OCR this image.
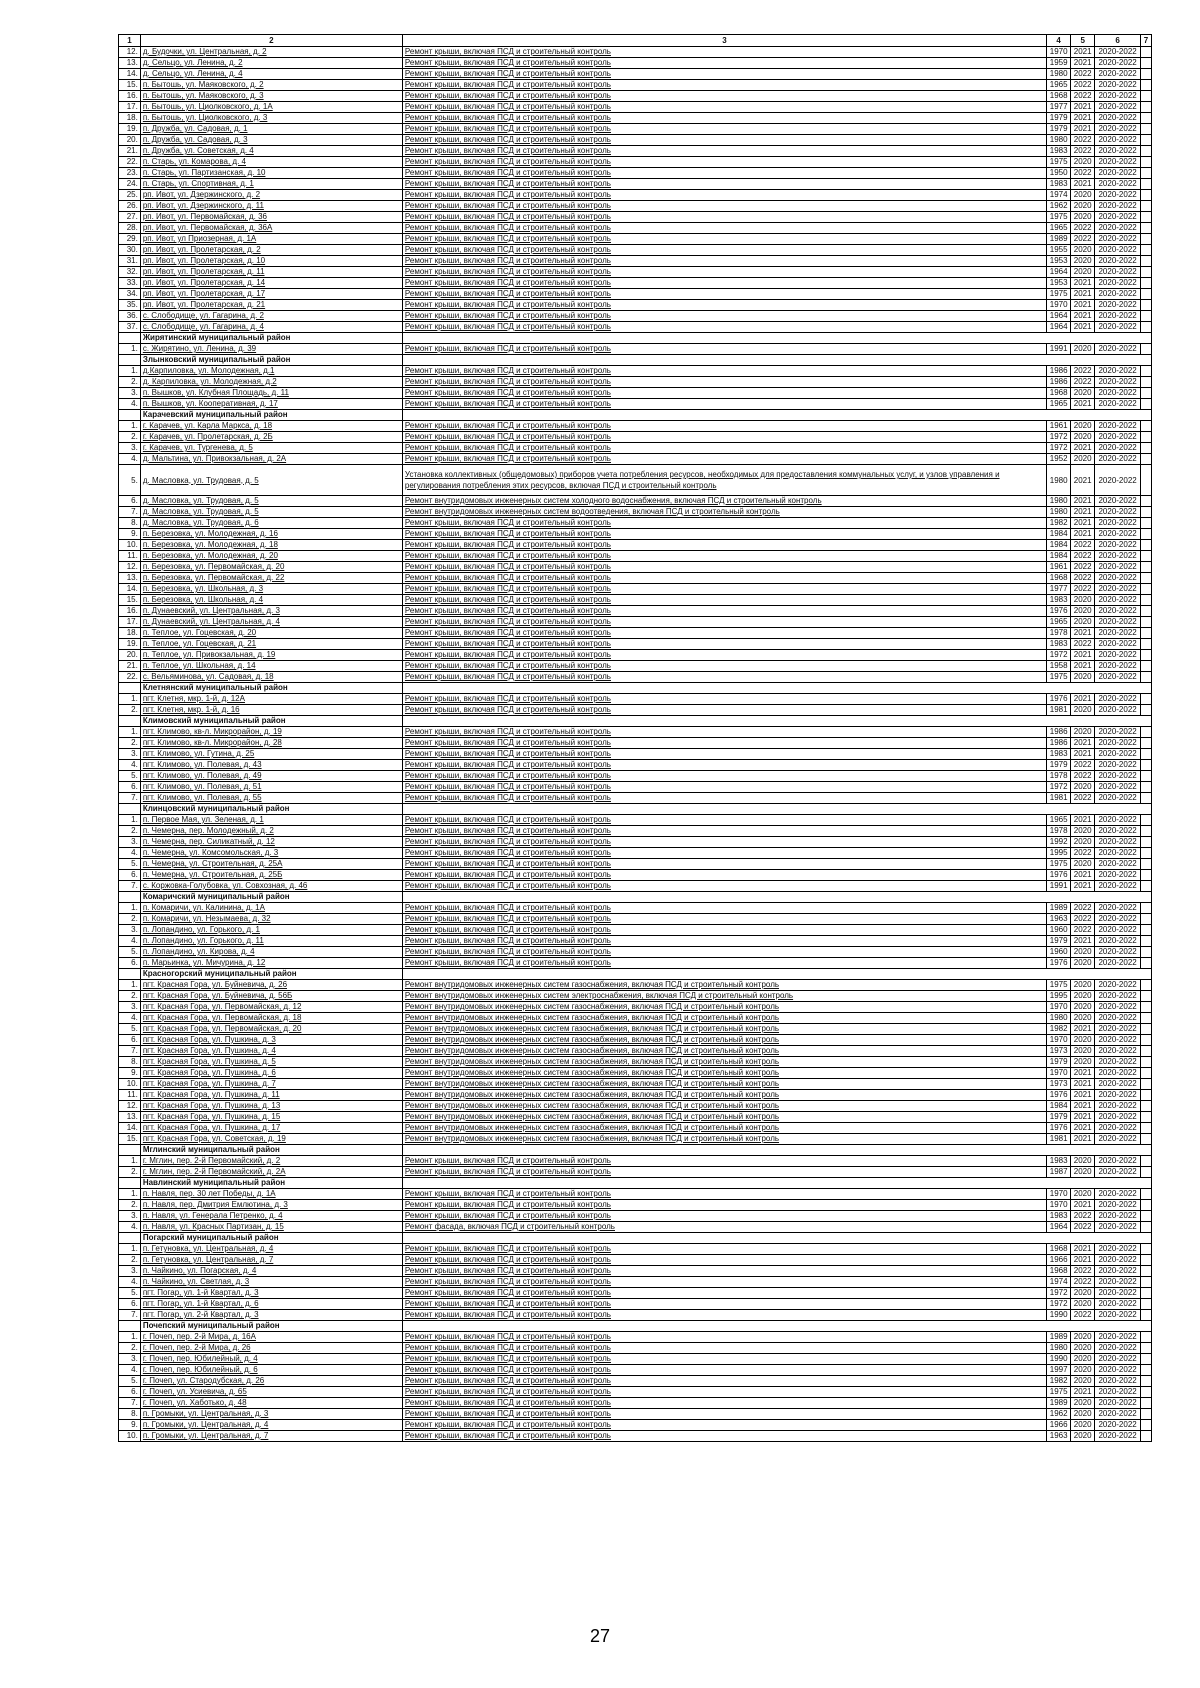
1	2	3	4	5	6	7
12.	д. Будочки, ул. Центральная, д. 2	Ремонт крыши, включая ПСД и строительный контроль	1970	2021	2020-2022	
13.	д. Сельцо, ул. Ленина, д. 2	Ремонт крыши, включая ПСД и строительный контроль	1959	2021	2020-2022	
14.	д. Сельцо, ул. Ленина, д. 4	Ремонт крыши, включая ПСД и строительный контроль	1980	2022	2020-2022	
15.	п. Бытошь, ул. Маяковского, д. 2	Ремонт крыши, включая ПСД и строительный контроль	1965	2022	2020-2022	
16.	п. Бытошь, ул. Маяковского, д. 3	Ремонт крыши, включая ПСД и строительный контроль	1968	2022	2020-2022	
17.	п. Бытошь, ул. Циолковского, д. 1А	Ремонт крыши, включая ПСД и строительный контроль	1977	2021	2020-2022	
18.	п. Бытошь, ул. Циолковского, д. 3	Ремонт крыши, включая ПСД и строительный контроль	1979	2021	2020-2022	
19.	п. Дружба, ул. Садовая, д. 1	Ремонт крыши, включая ПСД и строительный контроль	1979	2021	2020-2022	
20.	п. Дружба, ул. Садовая, д. 3	Ремонт крыши, включая ПСД и строительный контроль	1980	2022	2020-2022	
21.	п. Дружба, ул. Советская, д. 4	Ремонт крыши, включая ПСД и строительный контроль	1983	2022	2020-2022	
22.	п. Старь, ул. Комарова, д. 4	Ремонт крыши, включая ПСД и строительный контроль	1975	2020	2020-2022	
23.	п. Старь, ул. Партизанская, д. 10	Ремонт крыши, включая ПСД и строительный контроль	1950	2022	2020-2022	
24.	п. Старь, ул. Спортивная, д. 1	Ремонт крыши, включая ПСД и строительный контроль	1983	2021	2020-2022	
25.	рп. Ивот, ул. Дзержинского, д. 2	Ремонт крыши, включая ПСД и строительный контроль	1974	2020	2020-2022	
26.	рп. Ивот, ул. Дзержинского, д. 11	Ремонт крыши, включая ПСД и строительный контроль	1962	2020	2020-2022	
27.	рп. Ивот, ул. Первомайская, д. 36	Ремонт крыши, включая ПСД и строительный контроль	1975	2020	2020-2022	
28.	рп. Ивот, ул. Первомайская, д. 36А	Ремонт крыши, включая ПСД и строительный контроль	1965	2022	2020-2022	
29.	рп. Ивот, ул Приозерная, д. 1А	Ремонт крыши, включая ПСД и строительный контроль	1989	2022	2020-2022	
30.	рп. Ивот, ул. Пролетарская, д. 2	Ремонт крыши, включая ПСД и строительный контроль	1955	2020	2020-2022	
31.	рп. Ивот, ул. Пролетарская, д. 10	Ремонт крыши, включая ПСД и строительный контроль	1953	2020	2020-2022	
32.	рп. Ивот, ул. Пролетарская, д. 11	Ремонт крыши, включая ПСД и строительный контроль	1964	2020	2020-2022	
33.	рп. Ивот, ул. Пролетарская, д. 14	Ремонт крыши, включая ПСД и строительный контроль	1953	2021	2020-2022	
34.	рп. Ивот, ул. Пролетарская, д. 17	Ремонт крыши, включая ПСД и строительный контроль	1975	2021	2020-2022	
35.	рп. Ивот, ул. Пролетарская, д. 21	Ремонт крыши, включая ПСД и строительный контроль	1970	2021	2020-2022	
36.	с. Слободище, ул. Гагарина, д. 2	Ремонт крыши, включая ПСД и строительный контроль	1964	2021	2020-2022	
37.	с. Слободище, ул. Гагарина, д. 4	Ремонт крыши, включая ПСД и строительный контроль	1964	2021	2020-2022	
	Жирятинский муниципальный район					
1.	с. Жирятино, ул. Ленина, д. 39	Ремонт крыши, включая ПСД и строительный контроль	1991	2020	2020-2022	
	Злынковский муниципальный район					
1.	д.Карпиловка, ул. Молодежная, д.1	Ремонт крыши, включая ПСД и строительный контроль	1986	2022	2020-2022	
2.	д. Карпиловка, ул. Молодежная, д.2	Ремонт крыши, включая ПСД и строительный контроль	1986	2022	2020-2022	
3.	п. Вышков, ул. Клубная Площадь, д. 11	Ремонт крыши, включая ПСД и строительный контроль	1968	2020	2020-2022	
4.	п. Вышков, ул. Кооперативная, д. 17	Ремонт крыши, включая ПСД и строительный контроль	1965	2021	2020-2022	
	Карачевский муниципальный район					
1.	г. Карачев, ул. Карла Маркса, д. 18	Ремонт крыши, включая ПСД и строительный контроль	1961	2020	2020-2022	
2.	г. Карачев, ул. Пролетарская, д. 2Б	Ремонт крыши, включая ПСД и строительный контроль	1972	2020	2020-2022	
3.	г. Карачев, ул. Тургенева, д. 5	Ремонт крыши, включая ПСД и строительный контроль	1972	2021	2020-2022	
4.	д. Мальтина, ул. Привокзальная, д. 2А	Ремонт крыши, включая ПСД и строительный контроль	1952	2020	2020-2022	
5.	д. Масловка, ул. Трудовая, д. 5	Установка коллективных (общедомовых) приборов учета потребления ресурсов, необходимых для предоставления коммунальных услуг, и узлов управления и регулирования потребления этих ресурсов, включая ПСД и строительный контроль	1980	2021	2020-2022	
6.	д. Масловка, ул. Трудовая, д. 5	Ремонт внутридомовых инженерных систем холодного водоснабжения, включая ПСД и строительный контроль	1980	2021	2020-2022	
7.	д. Масловка, ул. Трудовая, д. 5	Ремонт внутридомовых инженерных систем водоотведения, включая ПСД и строительный контроль	1980	2021	2020-2022	
8.	д. Масловка, ул. Трудовая, д. 6	Ремонт крыши, включая ПСД и строительный контроль	1982	2021	2020-2022	
9.	п. Березовка, ул. Молодежная, д. 16	Ремонт крыши, включая ПСД и строительный контроль	1984	2021	2020-2022	
10.	п. Березовка, ул. Молодежная, д. 18	Ремонт крыши, включая ПСД и строительный контроль	1984	2022	2020-2022	
11.	п. Березовка, ул. Молодежная, д. 20	Ремонт крыши, включая ПСД и строительный контроль	1984	2022	2020-2022	
12.	п. Березовка, ул. Первомайская, д. 20	Ремонт крыши, включая ПСД и строительный контроль	1961	2022	2020-2022	
13.	п. Березовка, ул. Первомайская, д. 22	Ремонт крыши, включая ПСД и строительный контроль	1968	2022	2020-2022	
14.	п. Березовка, ул. Школьная, д. 3	Ремонт крыши, включая ПСД и строительный контроль	1977	2022	2020-2022	
15.	п. Березовка, ул. Школьная, д. 4	Ремонт крыши, включая ПСД и строительный контроль	1983	2020	2020-2022	
16.	п. Дунаевский, ул. Центральная, д. 3	Ремонт крыши, включая ПСД и строительный контроль	1976	2020	2020-2022	
17.	п. Дунаевский, ул. Центральная, д. 4	Ремонт крыши, включая ПСД и строительный контроль	1965	2020	2020-2022	
18.	п. Теплое, ул. Гоцевская, д. 20	Ремонт крыши, включая ПСД и строительный контроль	1978	2021	2020-2022	
19.	п. Теплое, ул. Гоцевская, д. 21	Ремонт крыши, включая ПСД и строительный контроль	1983	2022	2020-2022	
20.	п. Теплое, ул. Привокзальная, д. 19	Ремонт крыши, включая ПСД и строительный контроль	1972	2021	2020-2022	
21.	п. Теплое, ул. Школьная, д. 14	Ремонт крыши, включая ПСД и строительный контроль	1958	2021	2020-2022	
22.	с. Вельяминова, ул. Садовая, д. 18	Ремонт крыши, включая ПСД и строительный контроль	1975	2020	2020-2022	
	Клетнянский муниципальный район					
1.	пгт. Клетня, мкр. 1-й, д. 12А	Ремонт крыши, включая ПСД и строительный контроль	1976	2021	2020-2022	
2.	пгт. Клетня, мкр. 1-й, д. 16	Ремонт крыши, включая ПСД и строительный контроль	1981	2020	2020-2022	
	Климовский муниципальный район					
1.	пгт. Климово, кв-л. Микрорайон, д. 19	Ремонт крыши, включая ПСД и строительный контроль	1986	2020	2020-2022	
2.	пгт. Климово, кв-л. Микрорайон, д. 28	Ремонт крыши, включая ПСД и строительный контроль	1986	2021	2020-2022	
3.	пгт. Климово, ул. Гутина, д. 25	Ремонт крыши, включая ПСД и строительный контроль	1983	2021	2020-2022	
4.	пгт. Климово, ул. Полевая, д. 43	Ремонт крыши, включая ПСД и строительный контроль	1979	2022	2020-2022	
5.	пгт. Климово, ул. Полевая, д. 49	Ремонт крыши, включая ПСД и строительный контроль	1978	2022	2020-2022	
6.	пгт. Климово, ул. Полевая, д. 51	Ремонт крыши, включая ПСД и строительный контроль	1972	2020	2020-2022	
7.	пгт. Климово, ул. Полевая, д. 55	Ремонт крыши, включая ПСД и строительный контроль	1981	2022	2020-2022	
	Клинцовский муниципальный район					
1.	п. Первое Мая, ул. Зеленая, д. 1	Ремонт крыши, включая ПСД и строительный контроль	1965	2021	2020-2022	
2.	п. Чемерна, пер. Молодежный, д. 2	Ремонт крыши, включая ПСД и строительный контроль	1978	2020	2020-2022	
3.	п. Чемерна, пер. Силикатный, д. 12	Ремонт крыши, включая ПСД и строительный контроль	1992	2020	2020-2022	
4.	п. Чемерна, ул. Комсомольская, д. 3	Ремонт крыши, включая ПСД и строительный контроль	1995	2022	2020-2022	
5.	п. Чемерна, ул. Строительная, д. 25А	Ремонт крыши, включая ПСД и строительный контроль	1975	2020	2020-2022	
6.	п. Чемерна, ул. Строительная, д. 25Б	Ремонт крыши, включая ПСД и строительный контроль	1976	2021	2020-2022	
7.	с. Коржовка-Голубовка, ул. Совхозная, д. 46	Ремонт крыши, включая ПСД и строительный контроль	1991	2021	2020-2022	
	Комаричский муниципальный район					
1.	п. Комаричи, ул. Калинина, д. 1А	Ремонт крыши, включая ПСД и строительный контроль	1989	2022	2020-2022	
2.	п. Комаричи, ул. Незымаева, д. 32	Ремонт крыши, включая ПСД и строительный контроль	1963	2022	2020-2022	
3.	п. Лопандино, ул. Горького, д. 1	Ремонт крыши, включая ПСД и строительный контроль	1960	2022	2020-2022	
4.	п. Лопандино, ул. Горького, д. 11	Ремонт крыши, включая ПСД и строительный контроль	1979	2021	2020-2022	
5.	п. Лопандино, ул. Кирова, д. 4	Ремонт крыши, включая ПСД и строительный контроль	1960	2020	2020-2022	
6.	п. Марьинка, ул. Мичурина, д. 12	Ремонт крыши, включая ПСД и строительный контроль	1976	2020	2020-2022	
	Красногорский муниципальный район					
1.	пгт. Красная Гора, ул. Буйневича, д. 26	Ремонт внутридомовых инженерных систем газоснабжения, включая ПСД и строительный контроль	1975	2020	2020-2022	
2.	пгт. Красная Гора, ул. Буйневича, д. 56Б	Ремонт внутридомовых инженерных систем электроснабжения, включая ПСД и строительный контроль	1995	2020	2020-2022	
3.	пгт. Красная Гора, ул. Первомайская, д. 12	Ремонт внутридомовых инженерных систем газоснабжения, включая ПСД и строительный контроль	1970	2020	2020-2022	
4.	пгт. Красная Гора, ул. Первомайская, д. 18	Ремонт внутридомовых инженерных систем газоснабжения, включая ПСД и строительный контроль	1980	2020	2020-2022	
5.	пгт. Красная Гора, ул. Первомайская, д. 20	Ремонт внутридомовых инженерных систем газоснабжения, включая ПСД и строительный контроль	1982	2021	2020-2022	
6.	пгт. Красная Гора, ул. Пушкина, д. 3	Ремонт внутридомовых инженерных систем газоснабжения, включая ПСД и строительный контроль	1970	2020	2020-2022	
7.	пгт. Красная Гора, ул. Пушкина, д. 4	Ремонт внутридомовых инженерных систем газоснабжения, включая ПСД и строительный контроль	1973	2020	2020-2022	
8.	пгт. Красная Гора, ул. Пушкина, д. 5	Ремонт внутридомовых инженерных систем газоснабжения, включая ПСД и строительный контроль	1979	2020	2020-2022	
9.	пгт. Красная Гора, ул. Пушкина, д. 6	Ремонт внутридомовых инженерных систем газоснабжения, включая ПСД и строительный контроль	1970	2021	2020-2022	
10.	пгт. Красная Гора, ул. Пушкина, д. 7	Ремонт внутридомовых инженерных систем газоснабжения, включая ПСД и строительный контроль	1973	2021	2020-2022	
11.	пгт. Красная Гора, ул. Пушкина, д. 11	Ремонт внутридомовых инженерных систем газоснабжения, включая ПСД и строительный контроль	1976	2021	2020-2022	
12.	пгт. Красная Гора, ул. Пушкина, д. 13	Ремонт внутридомовых инженерных систем газоснабжения, включая ПСД и строительный контроль	1984	2021	2020-2022	
13.	пгт. Красная Гора, ул. Пушкина, д. 15	Ремонт внутридомовых инженерных систем газоснабжения, включая ПСД и строительный контроль	1979	2021	2020-2022	
14.	пгт. Красная Гора, ул. Пушкина, д. 17	Ремонт внутридомовых инженерных систем газоснабжения, включая ПСД и строительный контроль	1976	2021	2020-2022	
15.	пгт. Красная Гора, ул. Советская, д. 19	Ремонт внутридомовых инженерных систем газоснабжения, включая ПСД и строительный контроль	1981	2021	2020-2022	
	Мглинский муниципальный район					
1.	г. Мглин, пер. 2-й Первомайский, д. 2	Ремонт крыши, включая ПСД и строительный контроль	1983	2020	2020-2022	
2.	г. Мглин, пер. 2-й Первомайский, д. 2А	Ремонт крыши, включая ПСД и строительный контроль	1987	2020	2020-2022	
	Навлинский муниципальный район					
1.	п. Навля, пер. 30 лет Победы, д. 1А	Ремонт крыши, включая ПСД и строительный контроль	1970	2020	2020-2022	
2.	п. Навля, пер. Дмитрия Емлютина, д. 3	Ремонт крыши, включая ПСД и строительный контроль	1970	2021	2020-2022	
3.	п. Навля, ул. Генерала Петренко, д. 4	Ремонт крыши, включая ПСД и строительный контроль	1983	2022	2020-2022	
4.	п. Навля, ул. Красных Партизан, д. 15	Ремонт фасада, включая ПСД и строительный контроль	1964	2022	2020-2022	
	Погарский муниципальный район					
1.	п. Гетуновка, ул. Центральная, д. 4	Ремонт крыши, включая ПСД и строительный контроль	1968	2021	2020-2022	
2.	п. Гетуновка, ул. Центральная, д. 7	Ремонт крыши, включая ПСД и строительный контроль	1966	2021	2020-2022	
3.	п. Чайкино, ул. Погарская, д. 4	Ремонт крыши, включая ПСД и строительный контроль	1968	2022	2020-2022	
4.	п. Чайкино, ул. Светлая, д. 3	Ремонт крыши, включая ПСД и строительный контроль	1974	2022	2020-2022	
5.	пгт. Погар, ул. 1-й Квартал, д. 3	Ремонт крыши, включая ПСД и строительный контроль	1972	2020	2020-2022	
6.	пгт. Погар, ул. 1-й Квартал, д. 6	Ремонт крыши, включая ПСД и строительный контроль	1972	2020	2020-2022	
7.	пгт. Погар, ул. 2-й Квартал, д. 3	Ремонт крыши, включая ПСД и строительный контроль	1990	2022	2020-2022	
	Почепский муниципальный район					
1.	г. Почеп, пер. 2-й Мира, д. 16А	Ремонт крыши, включая ПСД и строительный контроль	1989	2020	2020-2022	
2.	г. Почеп, пер. 2-й Мира, д. 26	Ремонт крыши, включая ПСД и строительный контроль	1980	2020	2020-2022	
3.	г. Почеп, пер. Юбилейный, д. 4	Ремонт крыши, включая ПСД и строительный контроль	1990	2020	2020-2022	
4.	г. Почеп, пер. Юбилейный, д. 6	Ремонт крыши, включая ПСД и строительный контроль	1997	2020	2020-2022	
5.	г. Почеп, ул. Стародубская, д. 26	Ремонт крыши, включая ПСД и строительный контроль	1982	2020	2020-2022	
6.	г. Почеп, ул. Усиевича, д. 65	Ремонт крыши, включая ПСД и строительный контроль	1975	2021	2020-2022	
7.	г. Почеп, ул. Хаботько, д. 48	Ремонт крыши, включая ПСД и строительный контроль	1989	2020	2020-2022	
8.	п. Громыки, ул. Центральная, д. 3	Ремонт крыши, включая ПСД и строительный контроль	1962	2020	2020-2022	
9.	п. Громыки, ул. Центральная, д. 4	Ремонт крыши, включая ПСД и строительный контроль	1966	2020	2020-2022	
10.	п. Громыки, ул. Центральная, д. 7	Ремонт крыши, включая ПСД и строительный контроль	1963	2020	2020-2022	
27
